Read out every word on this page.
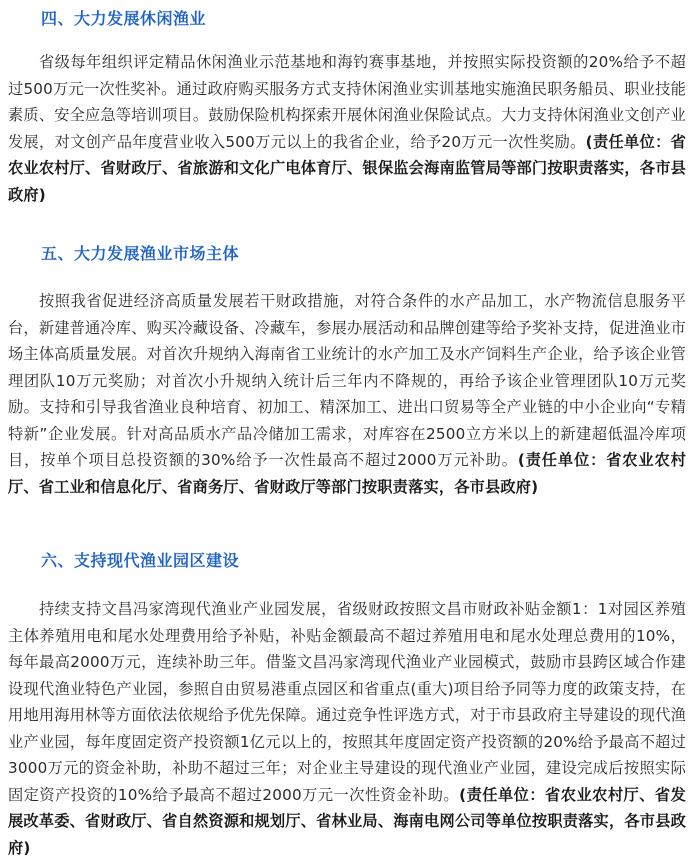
四、大力发展休闲渔业

省级每年组织评定精品休闲渔业示范基地和海钓赛事基地，并按照实际投资额的20%给予不超过500万元一次性奖补。通过政府购买服务方式支持休闲渔业实训基地实施渔民职务船员、职业技能素质、安全应急等培训项目。鼓励保险机构探索开展休闲渔业保险试点。大力支持休闲渔业文创产业发展，对文创产品年度营业收入500万元以上的我省企业，给予20万元一次性奖励。(责任单位：省农业农村厅、省财政厅、省旅游和文化广电体育厅、银保监会海南监管局等部门按职责落实，各市县政府)

五、大力发展渔业市场主体

按照我省促进经济高质量发展若干财政措施，对符合条件的水产品加工，水产物流信息服务平台，新建普通冷库、购买冷藏设备、冷藏车，参展办展活动和品牌创建等给予奖补支持，促进渔业市场主体高质量发展。对首次升规纳入海南省工业统计的水产加工及水产饲料生产企业，给予该企业管理团队10万元奖励；对首次小升规纳入统计后三年内不降规的，再给予该企业管理团队10万元奖励。支持和引导我省渔业良种培育、初加工、精深加工、进出口贸易等全产业链的中小企业向“专精特新”企业发展。针对高品质水产品冷储加工需求，对库容在2500立方米以上的新建超低温冷库项目，按单个项目总投资额的30%给予一次性最高不超过2000万元补助。(责任单位：省农业农村厅、省工业和信息化厅、省商务厅、省财政厅等部门按职责落实，各市县政府)

六、支持现代渔业园区建设

持续支持文昌冯家湾现代渔业产业园发展，省级财政按照文昌市财政补贴金额1：1对园区养殖主体养殖用电和尾水处理费用给予补贴，补贴金额最高不超过养殖用电和尾水处理总费用的10%，每年最高2000万元，连续补助三年。借鉴文昌冯家湾现代渔业产业园模式，鼓励市县跨区域合作建设现代渔业特色产业园，参照自由贸易港重点园区和省重点(重大)项目给予同等力度的政策支持，在用地用海用林等方面依法依规给予优先保障。通过竞争性评选方式，对于市县政府主导建设的现代渔业产业园，每年度固定资产投资额1亿元以上的，按照其年度固定资产投资额的20%给予最高不超过3000万元的资金补助，补助不超过三年；对企业主导建设的现代渔业产业园，建设完成后按照实际固定资产投资的10%给予最高不超过2000万元一次性资金补助。(责任单位：省农业农村厅、省发展改革委、省财政厅、省自然资源和规划厅、省林业局、海南电网公司等单位按职责落实，各市县政府)
